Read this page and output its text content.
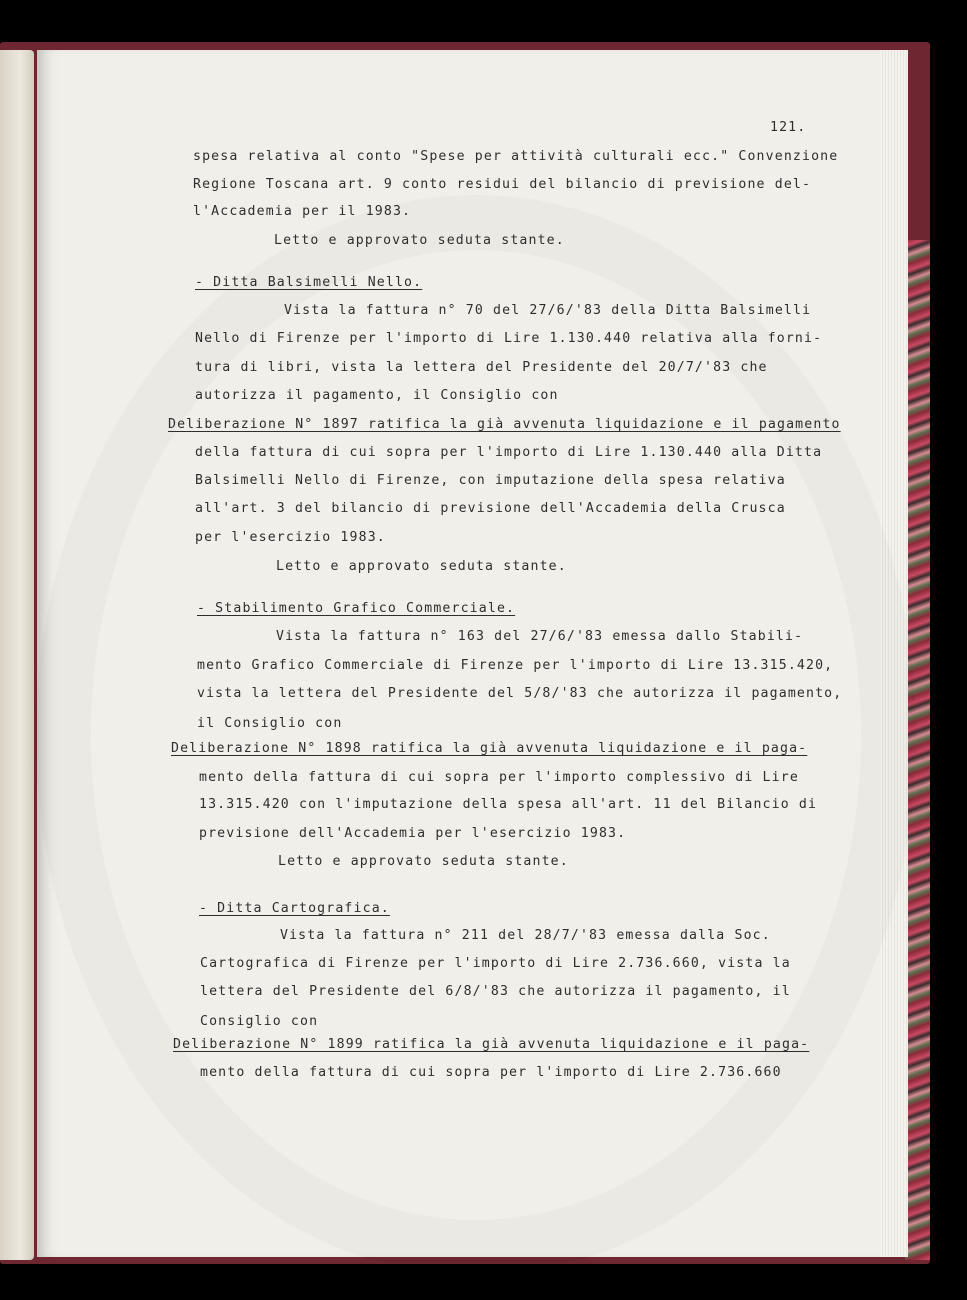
121.
spesa relativa al conto "Spese per attività culturali ecc." Convenzione
Regione Toscana art. 9 conto residui del bilancio di previsione del-
l'Accademia per il 1983.
Letto e approvato seduta stante.
- Ditta Balsimelli Nello.
Vista la fattura n° 70 del 27/6/'83 della Ditta Balsimelli
Nello di Firenze per l'importo di Lire 1.130.440 relativa alla forni-
tura di libri, vista la lettera del Presidente del 20/7/'83 che
autorizza il pagamento, il Consiglio con
Deliberazione N° 1897 ratifica la già avvenuta liquidazione e il pagamento
della fattura di cui sopra per l'importo di Lire 1.130.440 alla Ditta
Balsimelli Nello di Firenze, con imputazione della spesa relativa
all'art. 3 del bilancio di previsione dell'Accademia della Crusca
per l'esercizio 1983.
Letto e approvato seduta stante.
- Stabilimento Grafico Commerciale.
Vista la fattura n° 163 del 27/6/'83 emessa dallo Stabili-
mento Grafico Commerciale di Firenze per l'importo di Lire 13.315.420,
vista la lettera del Presidente del 5/8/'83 che autorizza il pagamento,
il Consiglio con
Deliberazione N° 1898 ratifica la già avvenuta liquidazione e il paga-
mento della fattura di cui sopra per l'importo complessivo di Lire
13.315.420 con l'imputazione della spesa all'art. 11 del Bilancio di
previsione dell'Accademia per l'esercizio 1983.
Letto e approvato seduta stante.
- Ditta Cartografica.
Vista la fattura n° 211 del 28/7/'83 emessa dalla Soc.
Cartografica di Firenze per l'importo di Lire 2.736.660, vista la
lettera del Presidente del 6/8/'83 che autorizza il pagamento, il
Consiglio con
Deliberazione N° 1899 ratifica la già avvenuta liquidazione e il paga-
mento della fattura di cui sopra per l'importo di Lire 2.736.660
